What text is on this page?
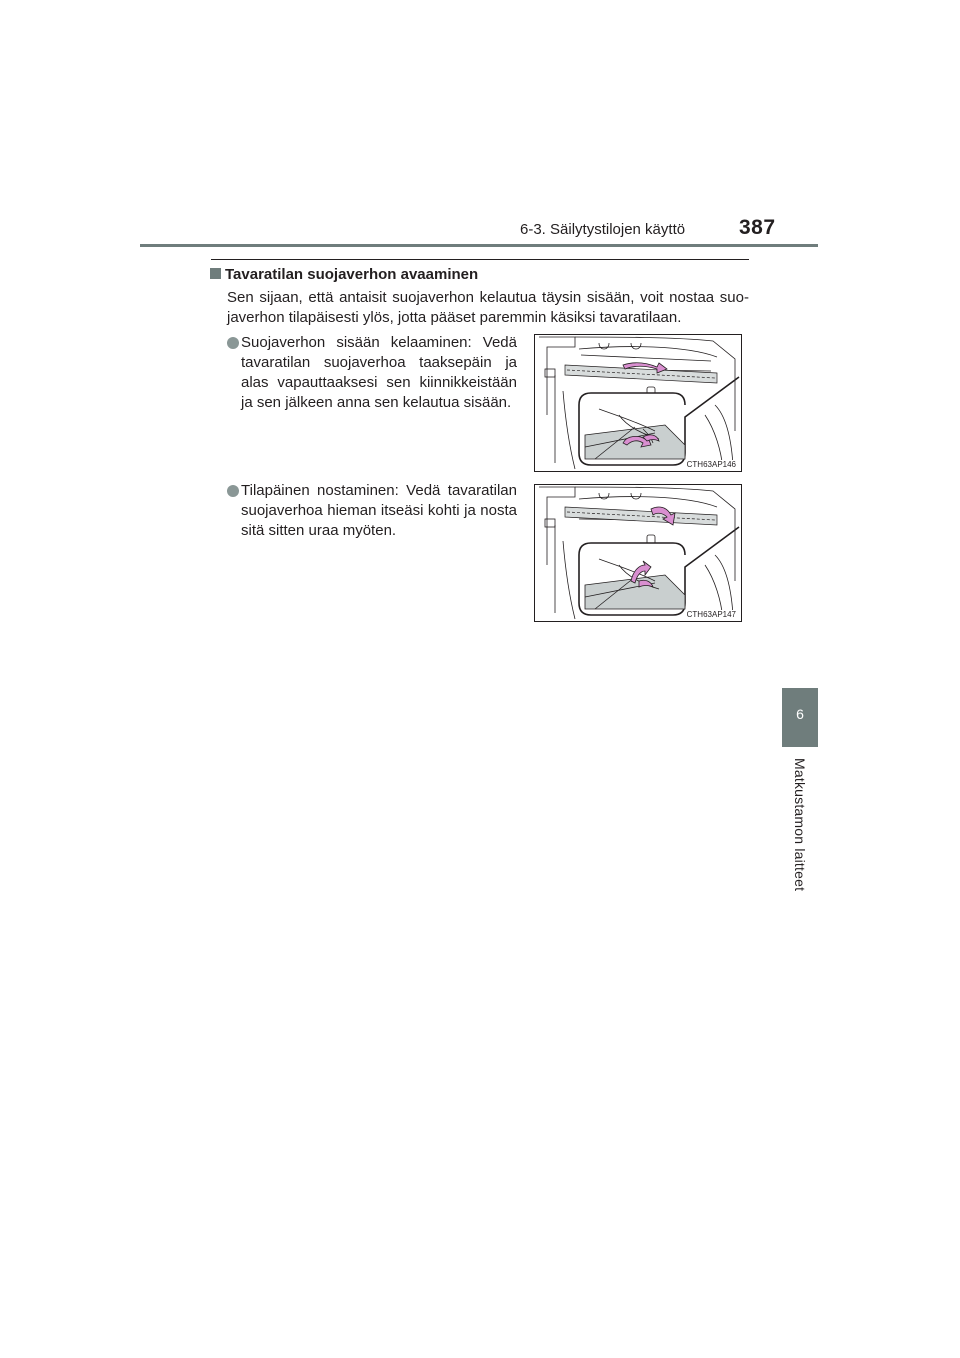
6-3. Säilytystilojen käyttö	387
6
Matkustamon laitteet
Tavaratilan suojaverhon avaaminen
Sen sijaan, että antaisit suojaverhon kelautua täysin sisään, voit nostaa suo-javerhon tilapäisesti ylös, jotta pääset paremmin käsiksi tavaratilaan.
Suojaverhon sisään kelaaminen: Vedä tavaratilan suojaverhoa taaksepäin ja alas vapauttaaksesi sen kiinnikkeistään ja sen jälkeen anna sen kelautua sisään.
Tilapäinen nostaminen: Vedä tavaratilan suojaverhoa hieman itseäsi kohti ja nosta sitä sitten uraa myöten.
CTH63AP146
CTH63AP147
